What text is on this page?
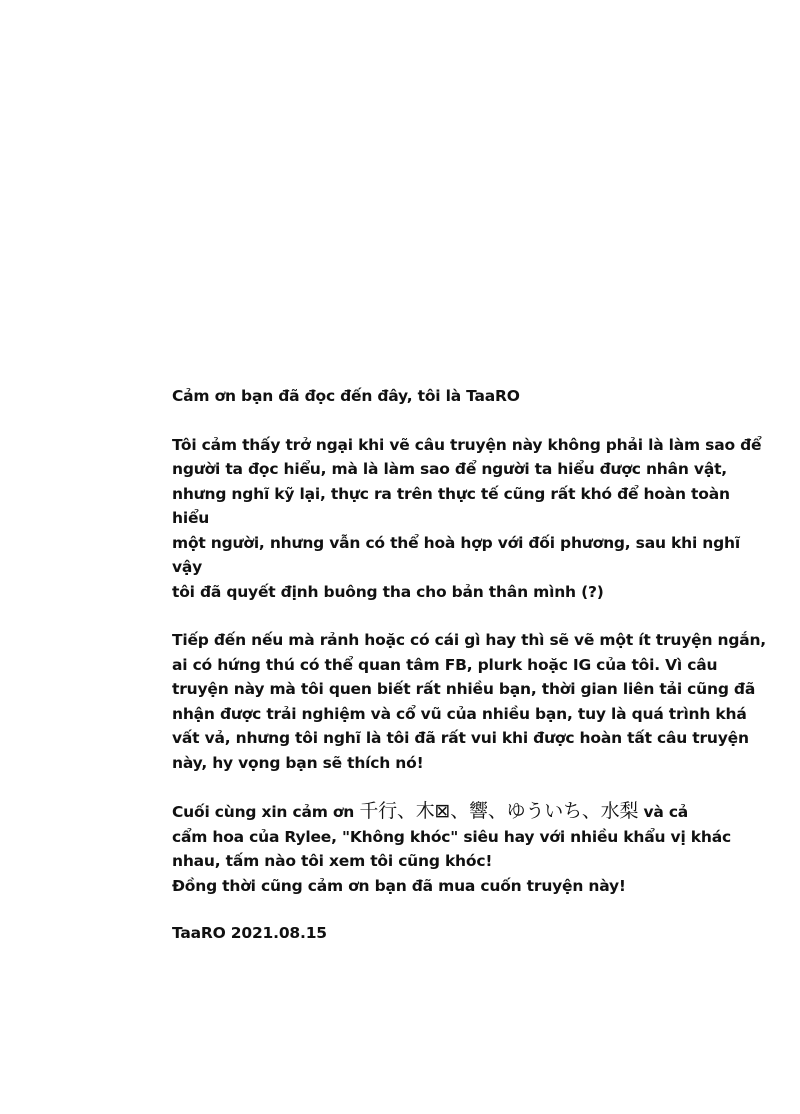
Cảm ơn bạn đã đọc đến đây, tôi là TaaRO

Tôi cảm thấy trở ngại khi vẽ câu truyện này không phải là làm sao để
người ta đọc hiểu, mà là làm sao để người ta hiểu được nhân vật,
nhưng nghĩ kỹ lại, thực ra trên thực tế cũng rất khó để hoàn toàn hiểu
một người, nhưng vẫn có thể hoà hợp với đối phương, sau khi nghĩ vậy
tôi đã quyết định buông tha cho bản thân mình (?)

Tiếp đến nếu mà rảnh hoặc có cái gì hay thì sẽ vẽ một ít truyện ngắn,
ai có hứng thú có thể quan tâm FB, plurk hoặc IG của tôi. Vì câu
truyện này mà tôi quen biết rất nhiều bạn, thời gian liên tải cũng đã
nhận được trải nghiệm và cổ vũ của nhiều bạn, tuy là quá trình khá
vất vả, nhưng tôi nghĩ là tôi đã rất vui khi được hoàn tất câu truyện
này, hy vọng bạn sẽ thích nó!

Cuối cùng xin cảm ơn 千行、木⊠、響、ゆういち、水梨 và cả
cẩm hoa của Rylee, "Không khóc" siêu hay với nhiều khẩu vị khác
nhau, tấm nào tôi xem tôi cũng khóc!
Đồng thời cũng cảm ơn bạn đã mua cuốn truyện này!

TaaRO 2021.08.15
